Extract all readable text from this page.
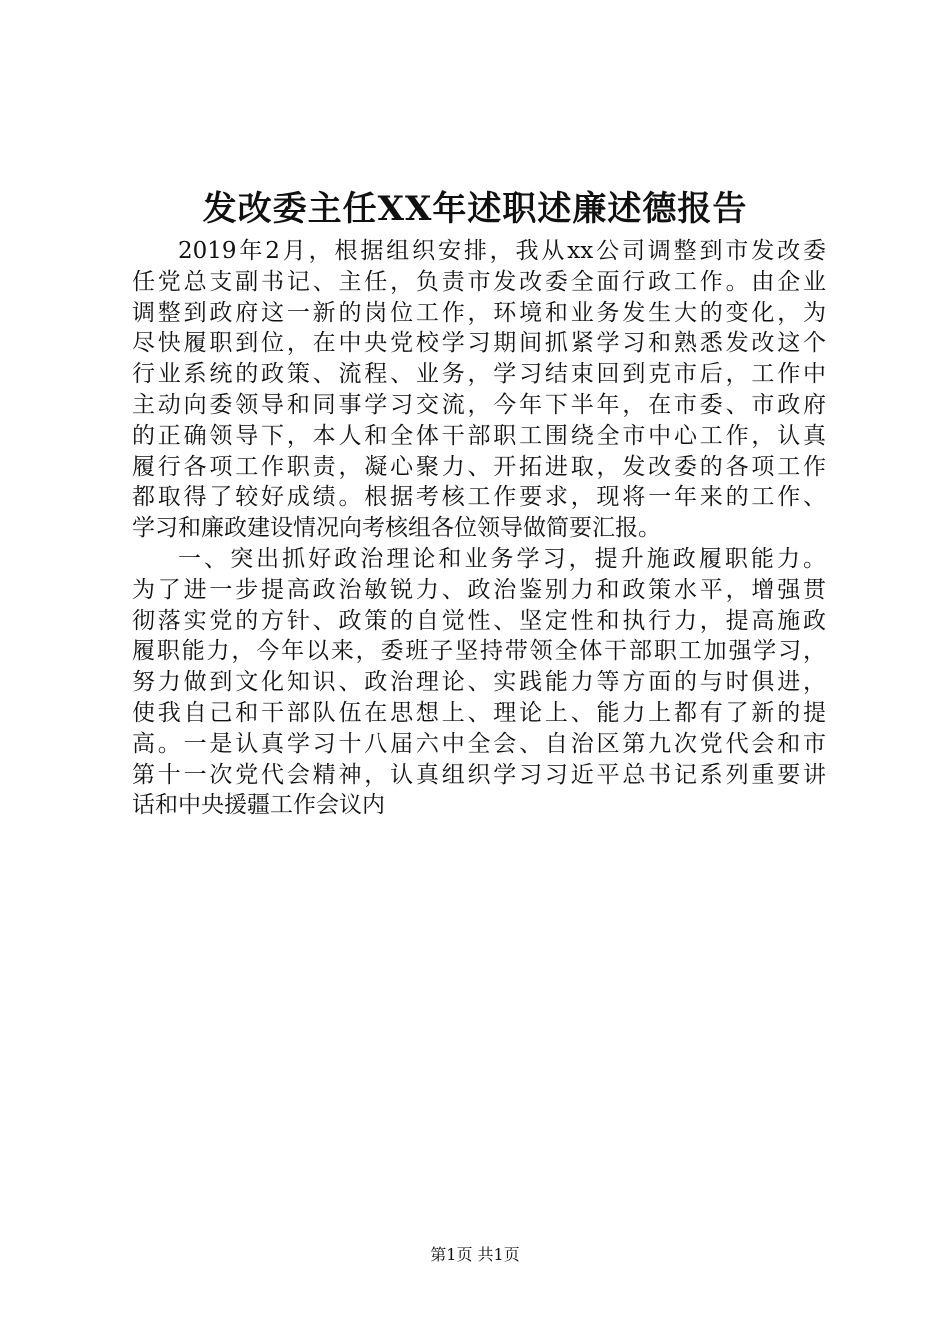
发改委主任XX年述职述廉述德报告
2019年2月，根据组织安排，我从xx公司调整到市发改委
任党总支副书记、主任，负责市发改委全面行政工作。由企业
调整到政府这一新的岗位工作，环境和业务发生大的变化，为
尽快履职到位，在中央党校学习期间抓紧学习和熟悉发改这个
行业系统的政策、流程、业务，学习结束回到克市后，工作中
主动向委领导和同事学习交流，今年下半年，在市委、市政府
的正确领导下，本人和全体干部职工围绕全市中心工作，认真
履行各项工作职责，凝心聚力、开拓进取，发改委的各项工作
都取得了较好成绩。根据考核工作要求，现将一年来的工作、
学习和廉政建设情况向考核组各位领导做简要汇报。
一、突出抓好政治理论和业务学习，提升施政履职能力。
为了进一步提高政治敏锐力、政治鉴别力和政策水平，增强贯
彻落实党的方针、政策的自觉性、坚定性和执行力，提高施政
履职能力，今年以来，委班子坚持带领全体干部职工加强学习，
努力做到文化知识、政治理论、实践能力等方面的与时俱进，
使我自己和干部队伍在思想上、理论上、能力上都有了新的提
高。一是认真学习十八届六中全会、自治区第九次党代会和市
第十一次党代会精神，认真组织学习习近平总书记系列重要讲
话和中央援疆工作会议内
第1页 共1页
